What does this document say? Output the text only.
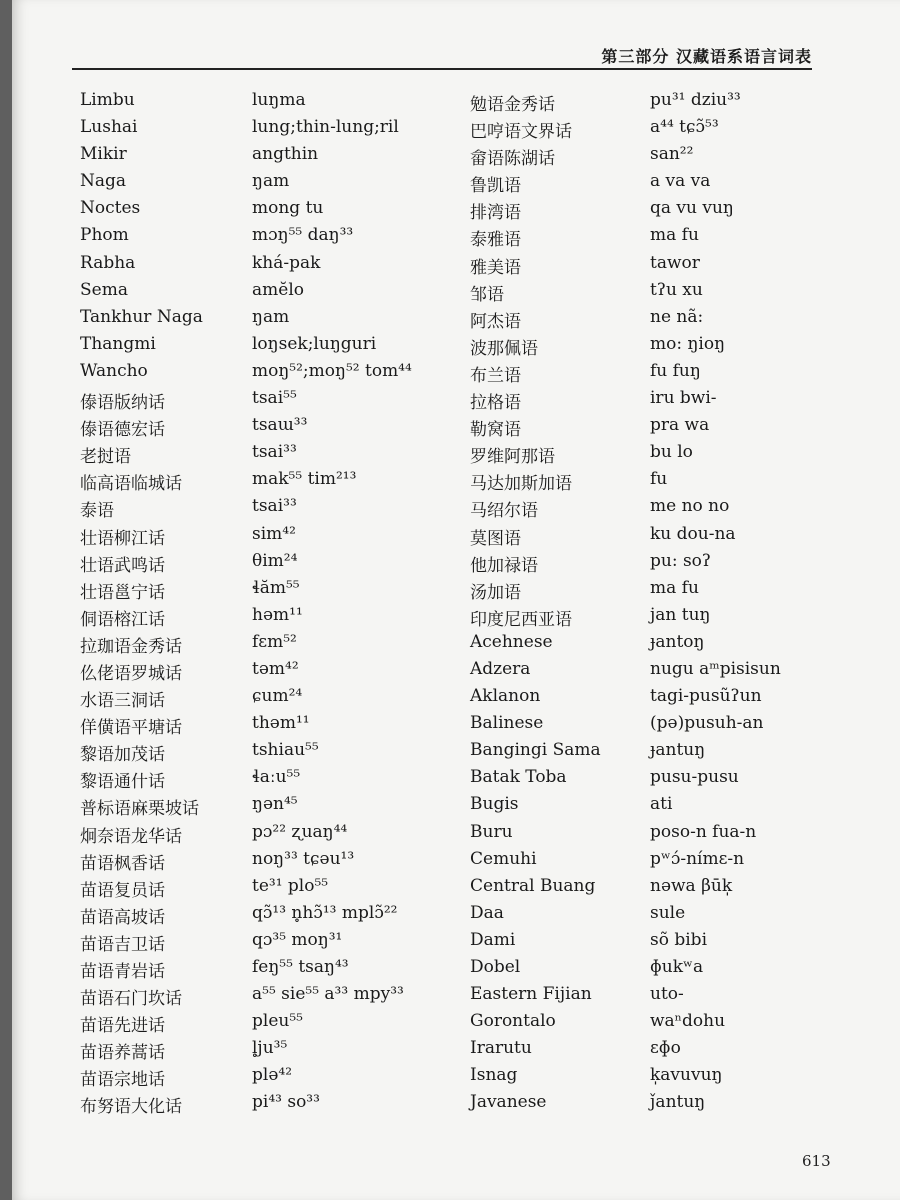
第三部分 汉藏语系语言词表
Limbu	luŋma	勉语金秀话	pu³¹ dziu³³
Lushai	lung;thin-lung;ril	巴哼语文界话	a⁴⁴ tɕɔ̃⁵³
Mikir	angthin	畲语陈湖话	san²²
Naga	ŋam	鲁凯语	a va va
Noctes	mong tu	排湾语	qa vu vuŋ
Phom	mɔŋ⁵⁵ daŋ³³	泰雅语	ma fu
Rabha	khá-pak	雅美语	tawor
Sema	amĕlo	邹语	tʔu xu
Tankhur Naga	ŋam	阿杰语	ne nã:
Thangmi	loŋsek;luŋguri	波那佩语	mo: ŋioŋ
Wancho	moŋ⁵²;moŋ⁵² tom⁴⁴	布兰语	fu fuŋ
傣语版纳话	tsai⁵⁵	拉格语	iru bwi-
傣语德宏话	tsaɯ³³	勒窝语	pra wa
老挝语	tsai³³	罗维阿那语	bu lo
临高语临城话	mak⁵⁵ tim²¹³	马达加斯加语	fu
泰语	tsai³³	马绍尔语	me no no
壮语柳江话	sim⁴²	莫图语	ku dou-na
壮语武鸣话	θim²⁴	他加禄语	pu: soʔ
壮语邕宁话	ɬăm⁵⁵	汤加语	ma fu
侗语榕江话	həm¹¹	印度尼西亚语	jan tuŋ
拉珈语金秀话	fɛm⁵²	Acehnese	ɟantoŋ
仫佬语罗城话	təm⁴²	Adzera	nugu aᵐpisisun
水语三洞话	ɕum²⁴	Aklanon	tagi-pusũʔun
佯僙语平塘话	thəm¹¹	Balinese	(pə)pusuh-an
黎语加茂话	tshiau⁵⁵	Bangingi Sama	ɟantuŋ
黎语通什话	ɬaːu⁵⁵	Batak Toba	pusu-pusu
普标语麻栗坡话	ŋən⁴⁵	Bugis	ati
炯奈语龙华话	pɔ²² ʐuaŋ⁴⁴	Buru	poso-n fua-n
苗语枫香话	noŋ³³ tɕəu¹³	Cemuhi	pʷɔ́-nímɛ-n
苗语复员话	te³¹ plo⁵⁵	Central Buang	nəwa βūk̩
苗语高坡话	qɔ̃¹³ n̥hɔ̃¹³ mplɔ̃²²	Daa	sule
苗语吉卫话	qɔ³⁵ moŋ³¹	Dami	sõ bibi
苗语青岩话	feŋ⁵⁵ tsaŋ⁴³	Dobel	ɸukʷa
苗语石门坎话	a⁵⁵ sie⁵⁵ a³³ mpy³³	Eastern Fijian	uto-
苗语先进话	pleu⁵⁵	Gorontalo	waⁿdohu
苗语养蒿话	l̥ju³⁵	Irarutu	ɛɸo
苗语宗地话	plə⁴²	Isnag	k̩avuvuŋ
布努语大化话	pi⁴³ so³³	Javanese	ǰantuŋ
613
